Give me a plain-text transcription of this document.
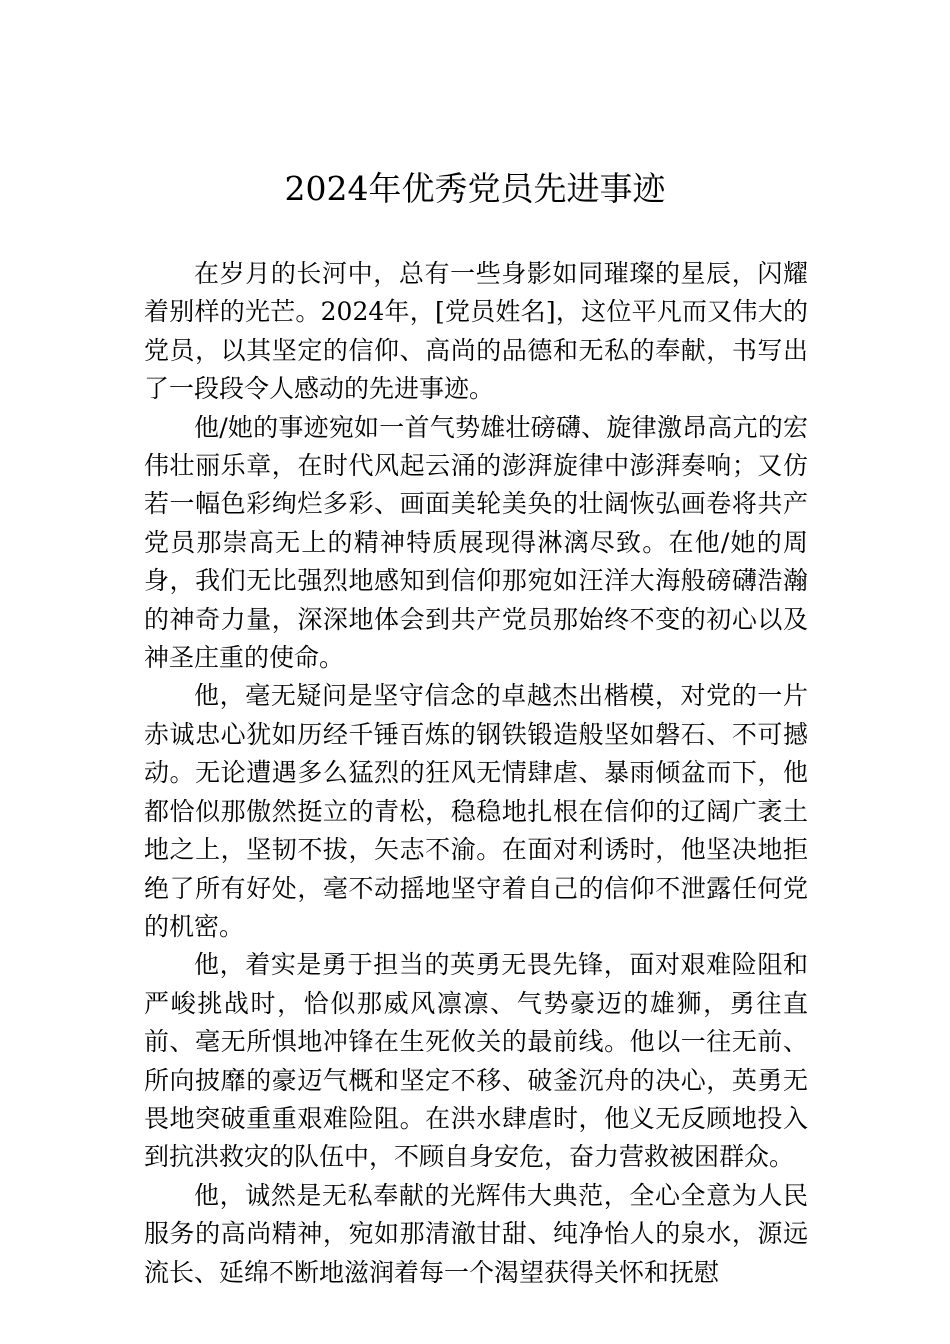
2024年优秀党员先进事迹

在岁月的长河中，总有一些身影如同璀璨的星辰，闪耀着别样的光芒。2024年，[党员姓名]，这位平凡而又伟大的党员，以其坚定的信仰、高尚的品德和无私的奉献，书写出了一段段令人感动的先进事迹。

他/她的事迹宛如一首气势雄壮磅礴、旋律激昂高亢的宏伟壮丽乐章，在时代风起云涌的澎湃旋律中澎湃奏响；又仿若一幅色彩绚烂多彩、画面美轮美奂的壮阔恢弘画卷将共产党员那崇高无上的精神特质展现得淋漓尽致。在他/她的周身，我们无比强烈地感知到信仰那宛如汪洋大海般磅礴浩瀚的神奇力量，深深地体会到共产党员那始终不变的初心以及神圣庄重的使命。

他，毫无疑问是坚守信念的卓越杰出楷模，对党的一片赤诚忠心犹如历经千锤百炼的钢铁锻造般坚如磐石、不可撼动。无论遭遇多么猛烈的狂风无情肆虐、暴雨倾盆而下，他都恰似那傲然挺立的青松，稳稳地扎根在信仰的辽阔广袤土地之上，坚韧不拔，矢志不渝。在面对利诱时，他坚决地拒绝了所有好处，毫不动摇地坚守着自己的信仰不泄露任何党的机密。

他，着实是勇于担当的英勇无畏先锋，面对艰难险阻和严峻挑战时，恰似那威风凛凛、气势豪迈的雄狮，勇往直前、毫无所惧地冲锋在生死攸关的最前线。他以一往无前、所向披靡的豪迈气概和坚定不移、破釜沉舟的决心，英勇无畏地突破重重艰难险阻。在洪水肆虐时，他义无反顾地投入到抗洪救灾的队伍中，不顾自身安危，奋力营救被困群众。

他，诚然是无私奉献的光辉伟大典范，全心全意为人民服务的高尚精神，宛如那清澈甘甜、纯净怡人的泉水，源远流长、延绵不断地滋润着每一个渴望获得关怀和抚慰
